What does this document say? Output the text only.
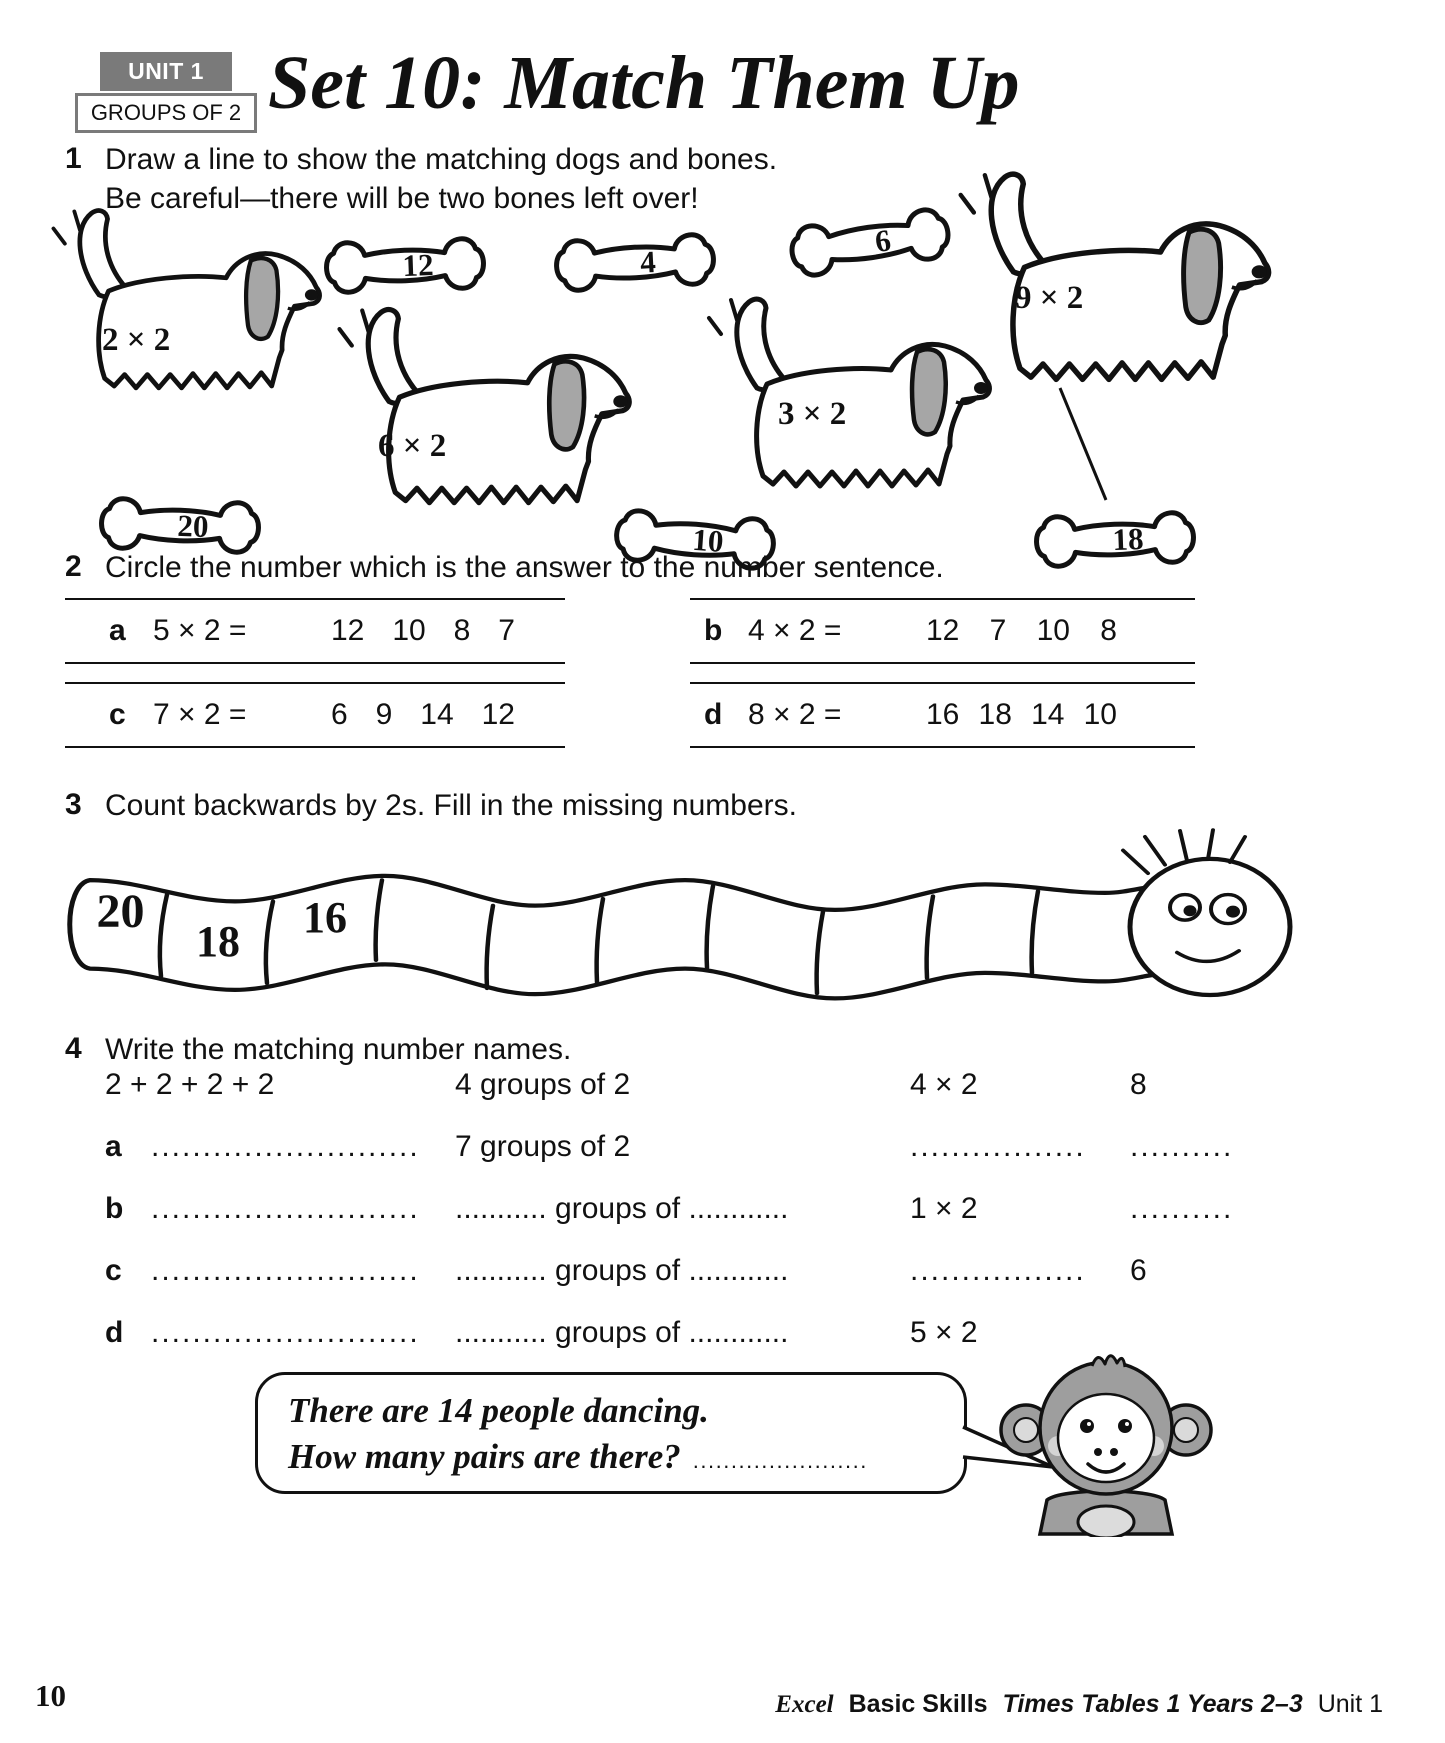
UNIT 1
GROUPS OF 2 Set 10: Match Them Up
1 Draw a line to show the matching dogs and bones.
Be careful—there will be two bones left over!
2 × 2
6 × 2
3 × 2
9 × 2
12	4
6
20	10	18
2 Circle the number which is the answer to the number sentence.
a 5 × 2 =	12 10 8 7
c 7 × 2 =	6 9 14 12
b 4 × 2 =	12 7 10 8
d 8 × 2 =	16 18 14 10
3 Count backwards by 2s. Fill in the missing numbers.
20
18	16
4 Write the matching number names.
2 + 2 + 2 + 2	4 groups of 2	4 × 2	8
a .......................... 7 groups of 2	................. ..........
b .......................... ........... groups of ............	1 × 2	..........
c .......................... ........... groups of ............	................. 6
d .......................... ........... groups of ............	5 × 2
There are 14 people dancing.
How many pairs are there? .......................
10	Excel Basic Skills Times Tables 1 Years 2–3 Unit 1
